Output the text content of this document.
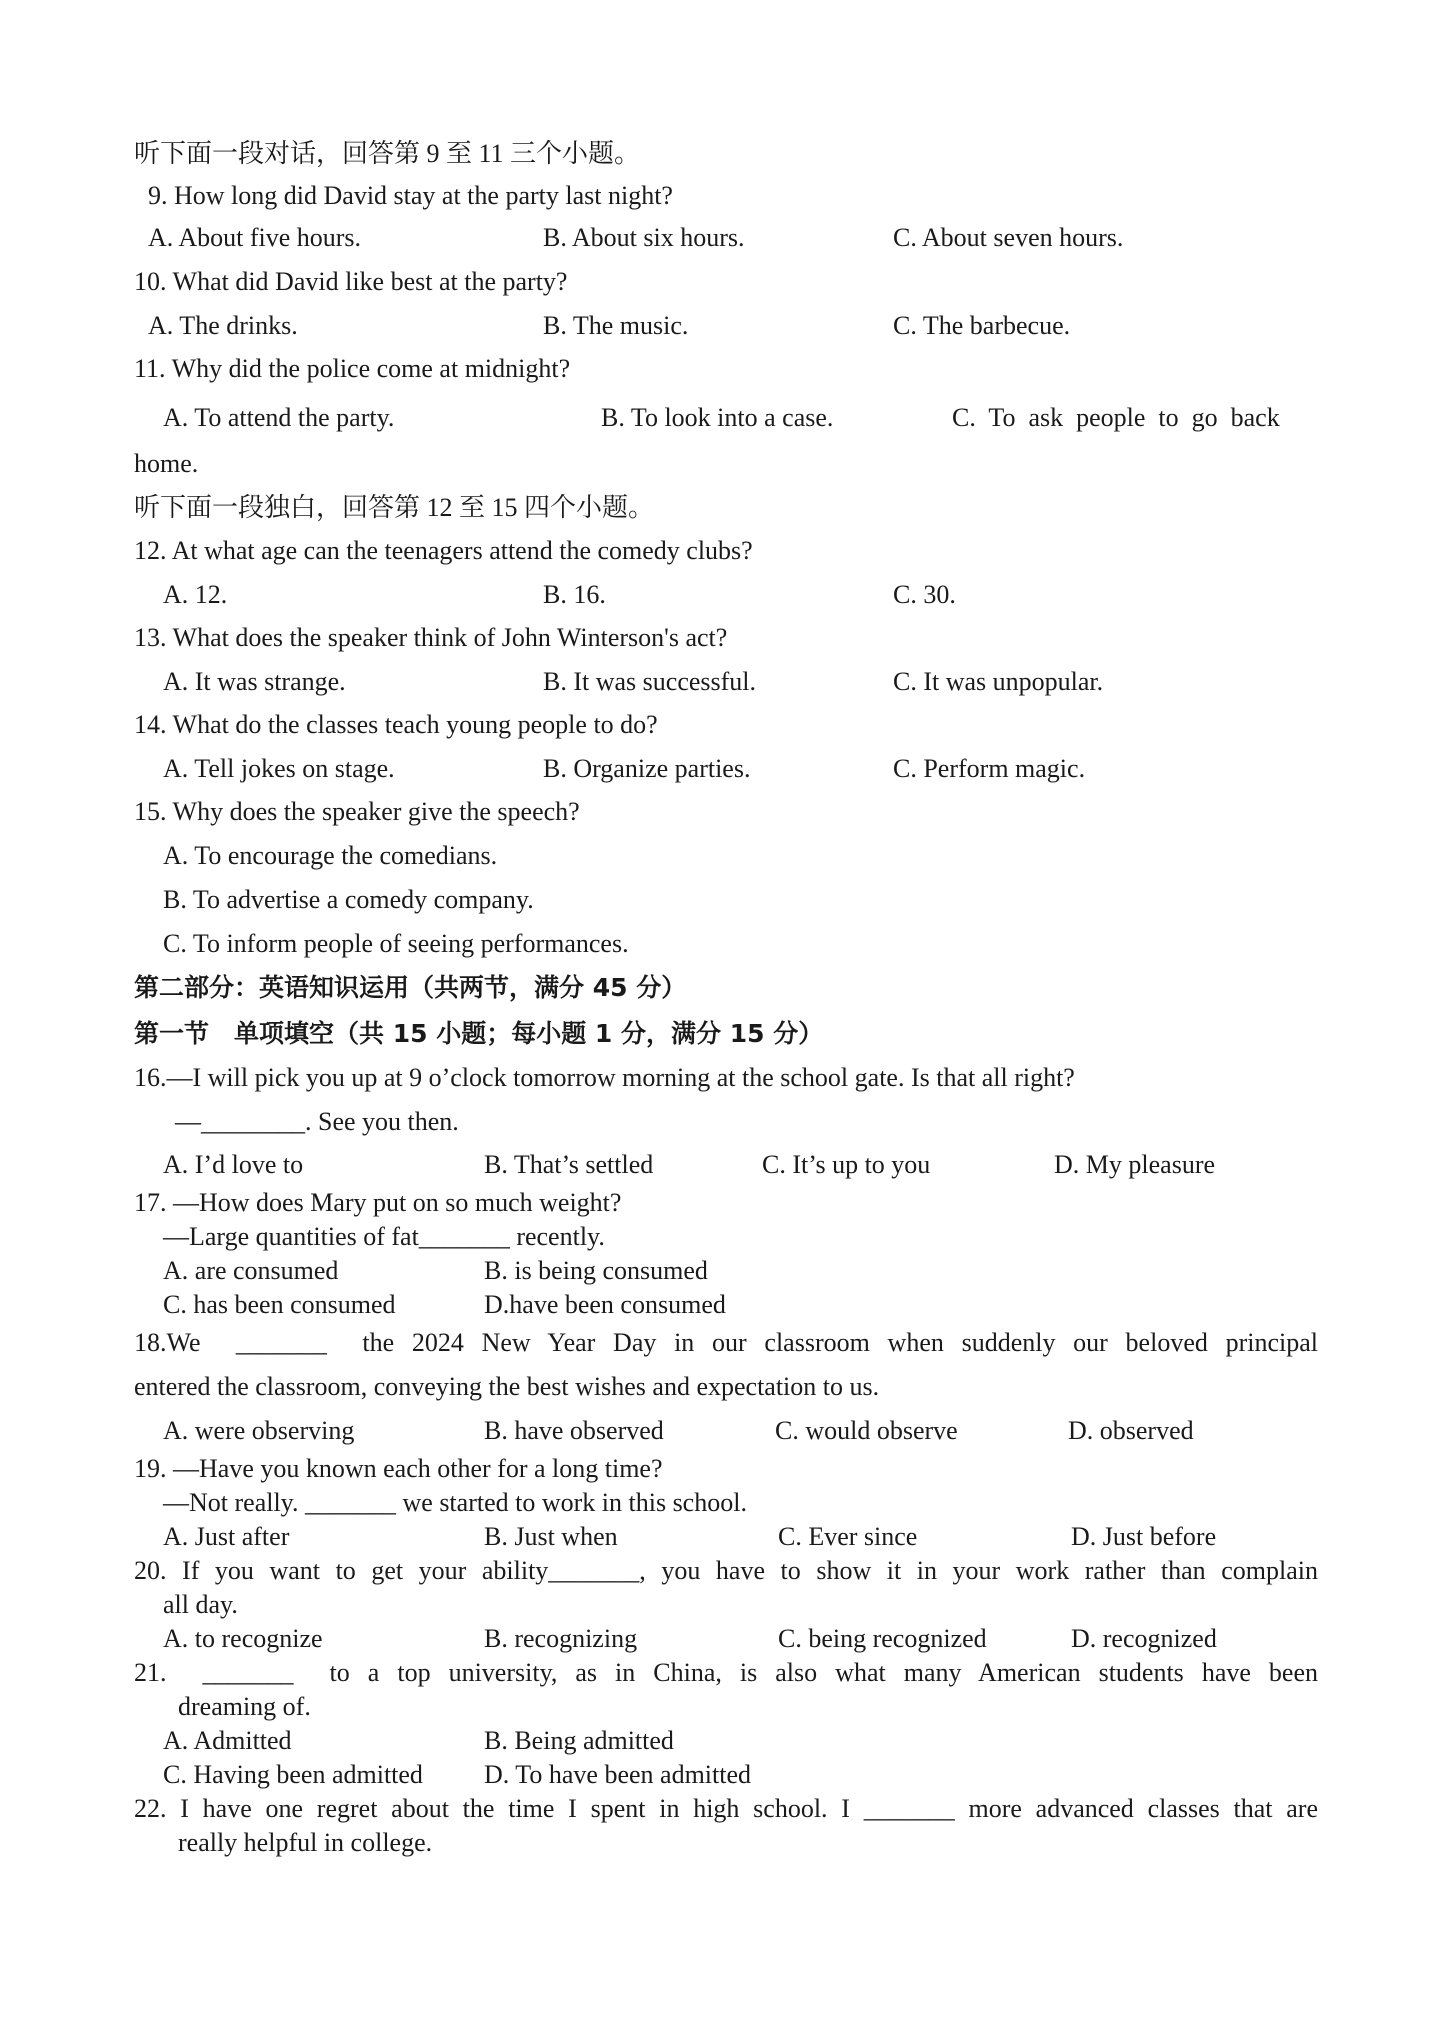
听下面一段对话，回答第 9 至 11 三个小题。
9. How long did David stay at the party last night?
A. About five hours.	B. About six hours.	C. About seven hours.
10. What did David like best at the party?
A. The drinks.	B. The music.	C. The barbecue.
11. Why did the police come at midnight?
A. To attend the party.	B. To look into a case.	C.  To  ask  people  to  go  back
home.
听下面一段独白，回答第 12 至 15 四个小题。
12. At what age can the teenagers attend the comedy clubs?
A. 12.	B. 16.	C. 30.
13. What does the speaker think of John Winterson's act?
A. It was strange.	B. It was successful.	C. It was unpopular.
14. What do the classes teach young people to do?
A. Tell jokes on stage.	B. Organize parties.	C. Perform magic.
15. Why does the speaker give the speech?
A. To encourage the comedians.
B. To advertise a comedy company.
C. To inform people of seeing performances.
第二部分：英语知识运用（共两节，满分 45 分）
第一节　单项填空（共 15 小题；每小题 1 分，满分 15 分）
16.—I will pick you up at 9 o’clock tomorrow morning at the school gate. Is that all right?
—________. See you then.
A. I’d love to	B. That’s settled	C. It’s up to you	D. My pleasure
17. —How does Mary put on so much weight?
—Large quantities of fat_______ recently.
A. are consumed	B. is being consumed
C. has been consumed	D.have been consumed
18.We  _______  the 2024 New Year Day in our classroom when suddenly our beloved principal
entered the classroom, conveying the best wishes and expectation to us.
A. were observing	B. have observed	C. would observe	D. observed
19. —Have you known each other for a long time?
—Not really. _______ we started to work in this school.
A. Just after	B. Just when	C. Ever since	D. Just before
20. If you want to get your ability_______, you have to show it in your work rather than complain
all day.
A. to recognize	B. recognizing	C. being recognized	D. recognized
21.  _______  to a top university, as in China, is also what many American students have been
dreaming of.
A. Admitted	B. Being admitted
C. Having been admitted D. To have been admitted
22. I have one regret about the time I spent in high school. I _______ more advanced classes that are
really helpful in college.
